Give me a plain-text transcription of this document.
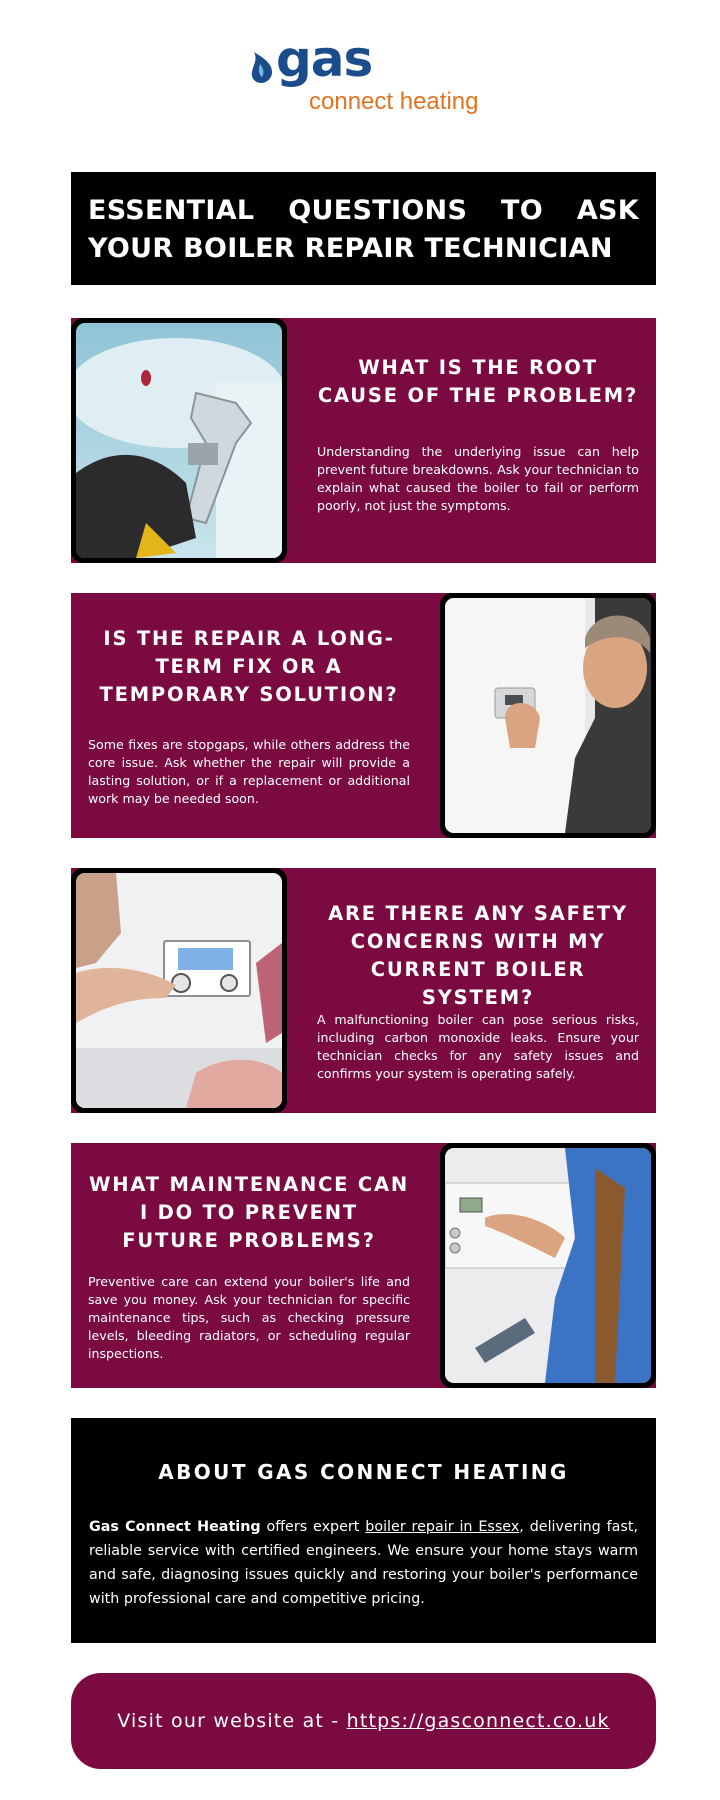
gas
connect heating
ESSENTIAL QUESTIONS TO ASK YOUR BOILER REPAIR TECHNICIAN
WHAT IS THE ROOT CAUSE OF THE PROBLEM?

Understanding the underlying issue can help prevent future breakdowns. Ask your technician to explain what caused the boiler to fail or perform poorly, not just the symptoms.

IS THE REPAIR A LONG-TERM FIX OR A TEMPORARY SOLUTION?

Some fixes are stopgaps, while others address the core issue. Ask whether the repair will provide a lasting solution, or if a replacement or additional work may be needed soon.

ARE THERE ANY SAFETY CONCERNS WITH MY CURRENT BOILER SYSTEM?

A malfunctioning boiler can pose serious risks, including carbon monoxide leaks. Ensure your technician checks for any safety issues and confirms your system is operating safely.

WHAT MAINTENANCE CAN I DO TO PREVENT FUTURE PROBLEMS?

Preventive care can extend your boiler's life and save you money. Ask your technician for specific maintenance tips, such as checking pressure levels, bleeding radiators, or scheduling regular inspections.

ABOUT GAS CONNECT HEATING

Gas Connect Heating offers expert boiler repair in Essex, delivering fast, reliable service with certified engineers. We ensure your home stays warm and safe, diagnosing issues quickly and restoring your boiler's performance with professional care and competitive pricing.

Visit our website at - https://gasconnect.co.uk
